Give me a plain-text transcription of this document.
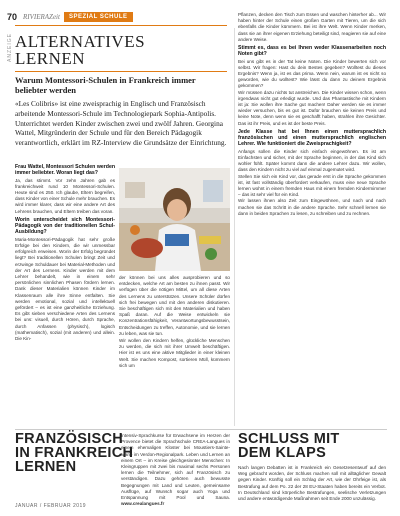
70 RIVIERAZeit	SPEZIAL SCHULE
ANZEIGE ALTERNATIVES
LERNEN
Warum Montessori-Schulen in Frankreich immer beliebter werden

«Les Colibris» ist eine zweisprachig in Englisch und Französisch arbeitende Montessori-Schule im Technologiepark Sophia-Antipolis. Unterrichtet werden Kinder zwischen zwei und zwölf Jahren. Georgina Wattel, Mitgründerin der Schule und für den Bereich Pädagogik verantwortlich, erklärt im RZ-Interview die Grundsätze der Einrichtung.

Frau Wattel, Montessori Schulen werden immer beliebter. Woran liegt das?

Ja, das stimmt. Vor zehn Jahren gab es frankreichweit rund 10 Montessori-Schulen. Heute sind es 250. Ich glaube, Eltern begreifen, dass Kinder von einer Schule mehr brauchen. Es wird immer klarer, dass wir eine andere Art des Lehrens brauchen, und Eltern treiben das voran.

Worin unterscheidet sich Montessori-Pädagogik von der traditionellen Schul-Ausbildung?

Maria-Montessori-Pädagogik hat sehr große Erfolge bei den Kindern, die wir unmessbar erfolgreich erweisen. Worin der Erfolg begründet liegt? Bei traditionellen Schulen bringt Zeit und erzwinge Schuldauer bei Material-Methoden und der Art des Lernens. Kinder werden mit dem Lehrer behandelt, wie in einem sehr persönlichen sinnlichen Phasen fördern lernen. Dank dieser Materialien können Kinder im Klassenraum alle ihre Sinne entfalten. Sie werden emotional, sozial und intellektuell gefördert – es ist eine ganzheitliche Erziehung. Es gibt sieben verschiedene Arten des Lernens bei uns: visuell, durch Hören, durch Sprache, durch Anfassen (physisch), logisch (mathematisch), sozial (mit anderen) und allein. Die Kin-

der können bei uns alles ausprobieren und so entdecken, welche Art am besten zu ihnen passt. Wir verfügen über die nötigen Mittel, um all diese Arten des Lernens zu unterstützen. Unsere Schüler dürfen sich frei bewegen und mit den anderen diskutieren. Sie beschäftigen sich mit den Materialien und haben Spaß daran. Auf die Weise entwickeln sie Konzentrationsfähigkeit, Verantwortungsbewusstsein, Entscheidungen zu treffen, Autonomie, und sie lernen zu leben, was sie tun.

Wir wollen den Kindern helfen, glückliche Menschen zu werden, die sich mit ihrer Umwelt beschäftigen. Hier ist es uns eine aktive Mitglieder in einer kleinen Welt. Sie machen Kompost, sortieren Müll, kümmern sich um

Pflanzen, decken den Tisch zum Essen und waschen hinterher ab... Wir haben hinter der Schule einen großen Garten mit Tieren, um die sich ebenfalls die Kinder kümmern. Bei ist ihre Welt. Wenn Kinder merken, dass sie an ihrer eigenen Erziehung beteiligt sind, reagieren sie auf eine andere Weise.

Stimmt es, dass es bei Ihnen weder Klassenarbeiten noch Noten gibt?

Bei uns gibt es in der Tat keine Noten. Die Kinder bewerten sich vor selbst. Wir fragen: Hast du dein Bestes gegeben? Wolltest du dieses Ergebnis? Wenn ja, ist es das prima. Wenn nein, warum ist es nicht so geworden, wie du wolltest? Wie lässt du dann zu deinem Ergebnis gekommen?
Wir müssen dazu nichts tut anstreichen. Die Kinder wissen schon, wenn irgendwas nicht gut erledigt wurde. Und das Phantastische mit Kindern ist ja: Sie wollen ihre Sache gut machen! Daher werden sie es immer wieder versuchen, bis es gut ist. Dafür brauchen sie keinen Preis und keine Note, denn wenn sie es geschafft haben, strahlen ihre Gesichter. Das ist ihr Preis, und es ist der beste Preis.

Jede Klasse hat bei Ihnen einen muttersprachlich französischen und einen muttersprachlich englischen Lehrer. Wie funktioniert die Zweisprachigkeit?

Anfangs sollen die Kinder sich einfach eingewöhnen. Es ist am Einfachsten und sicher, mit der Sprache beginnen, in der das Kind sich wohler fühlt. Später kommt dann die andere Lehrer dazu. Wir wollen, dass den Kindern nicht zu viel auf einmal zugemutet wird.
Stellen Sie sich ein Kind vor, das gerade erst in die Sprache gekommen ist, ist fast vollständig überfordert verkaufen, muss eine neue Sprache lernen wohnt in einem fremden Haus mit einem fremden Kindermimmer – das ist sehr viel für ein Kind.
Wir lassen ihnen also Zeit zum Eingewöhnen, und nach und nach machen sie das Schritt in die andere Sprache. Sehr schnell lernen sie dann in beiden Sprachen zu lesen, zu schreiben und zu rechnen.

FRANZÖSISCH
IN FRANKREICH
LERNEN
Intensiv-Sprachkurse für Erwachsene im Herzen der Provence bietet die Sprachschule CREA-Langues in einem ehemaligen Kloster bei Moustiers-Sainte-Marie im Verdon-Regionalpark. Leben und Lernen an einem Ort – im Kreise gleichgesinnter Menschen: In Kleingruppen mit zwei bis maximal sechs Personen lernen die Teilnehmer, sich auf Französisch zu verständigen. Dazu gehören auch bewusste Begegnungen mit Land und Leuten, gemeinsame Ausflüge, auf Wunsch sogar auch Yoga und Entspannung mit Pool und Sauna. www.crealangues.fr
SCHLUSS MIT
DEM KLAPS
Nach langen Debatten ist in Frankreich ein Gesetzesentwurf auf den Weg gebracht worden, der Schluss machen soll mit alltäglicher Gewalt gegen Kinder. Künftig soll ein Schlag der Art, wie der Ohrfeige ist, als Bestrafung auf dem Po. 22 der 28 EU-Staaten haben bereits ein Verbot. In Deutschland sind körperliche Bestrafungen, seelische Verletzungen und andere entwürdigende Maßnahmen seit Ende 2000 unzulässig.
JANUAR / FEBRUAR 2019
